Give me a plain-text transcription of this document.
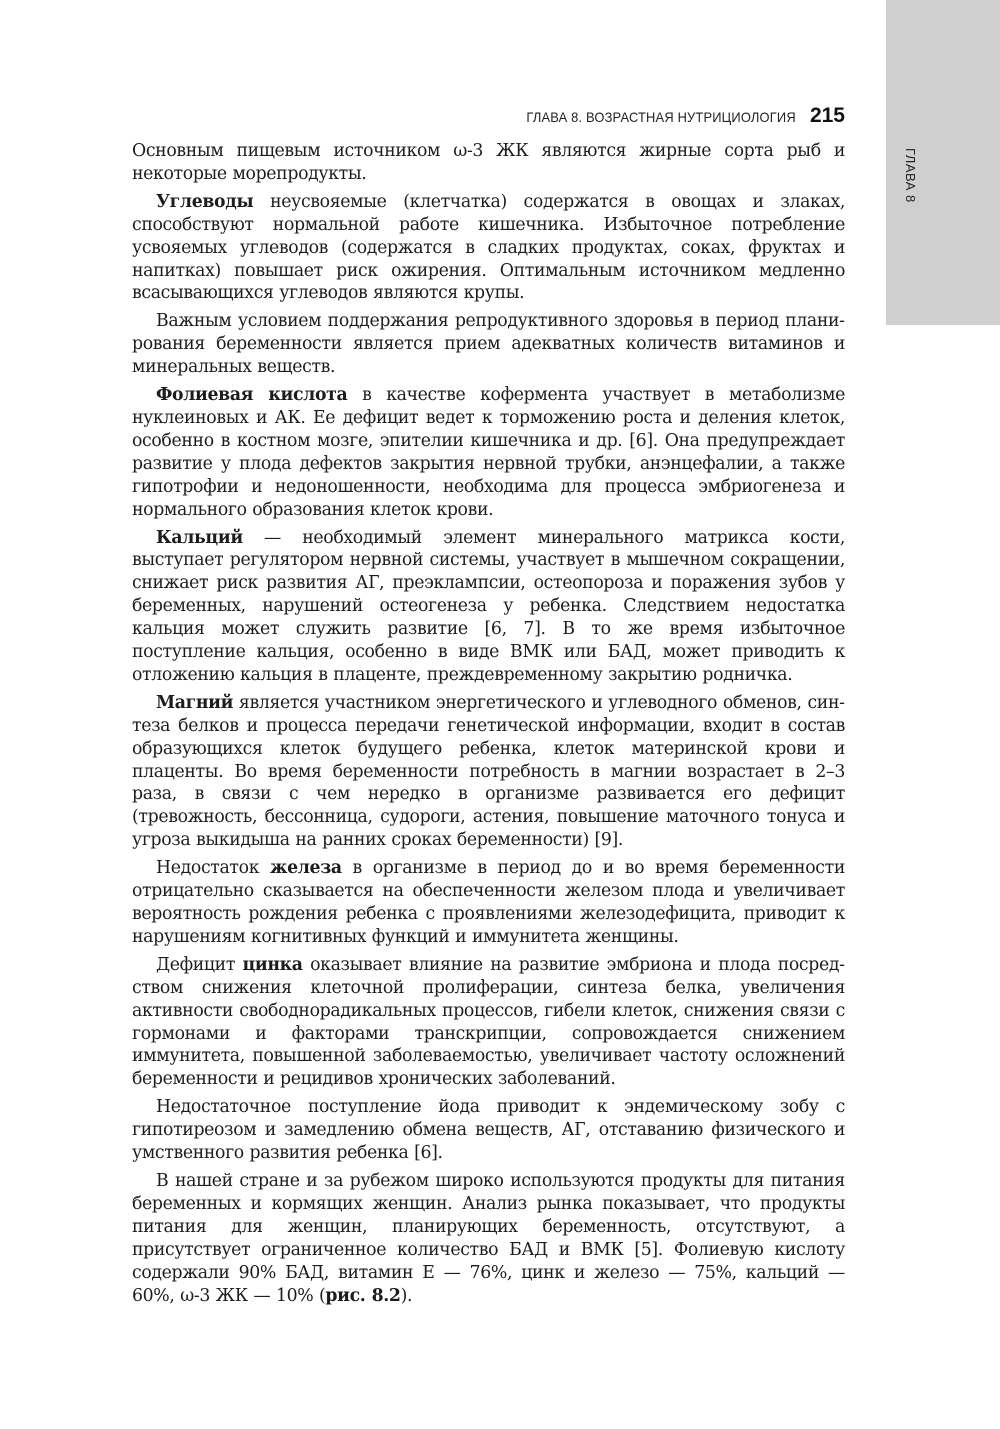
ГЛАВА 8
ГЛАВА 8. ВОЗРАСТНАЯ НУТРИЦИОЛОГИЯ 215

Основным пищевым источником ω-3 ЖК являются жирные сорта рыб и некоторые морепродукты.

Углеводы неусвояемые (клетчатка) содержатся в овощах и злаках, способствуют нормальной работе кишечника. Избыточное потребление усвояемых углеводов (содержатся в сладких продуктах, соках, фруктах и напитках) повышает риск ожирения. Оптимальным источником медленно всасывающихся углеводов являются крупы.

Важным условием поддержания репродуктивного здоровья в период планирования беременности является прием адекватных количеств витаминов и минеральных веществ.

Фолиевая кислота в качестве кофермента участвует в метаболизме нуклеиновых и АК. Ее дефицит ведет к торможению роста и деления клеток, особенно в костном мозге, эпителии кишечника и др. [6]. Она предупреждает развитие у плода дефектов закрытия нервной трубки, анэнцефалии, а также гипотрофии и недоношенности, необходима для процесса эмбриогенеза и нормального образования клеток крови.

Кальций — необходимый элемент минерального матрикса кости, выступает регулятором нервной системы, участвует в мышечном сокращении, снижает риск развития АГ, преэклампсии, остеопороза и поражения зубов у беременных, нарушений остеогенеза у ребенка. Следствием недостатка кальция может служить развитие [6, 7]. В то же время избыточное поступление кальция, особенно в виде ВМК или БАД, может приводить к отложению кальция в плаценте, преждевременному закрытию родничка.

Магний является участником энергетического и углеводного обменов, синтеза белков и процесса передачи генетической информации, входит в состав образующихся клеток будущего ребенка, клеток материнской крови и плаценты. Во время беременности потребность в магнии возрастает в 2–3 раза, в связи с чем нередко в организме развивается его дефицит (тревожность, бессонница, судороги, астения, повышение маточного тонуса и угроза выкидыша на ранних сроках беременности) [9].

Недостаток железа в организме в период до и во время беременности отрицательно сказывается на обеспеченности железом плода и увеличивает вероятность рождения ребенка с проявлениями железодефицита, приводит к нарушениям когнитивных функций и иммунитета женщины.

Дефицит цинка оказывает влияние на развитие эмбриона и плода посредством снижения клеточной пролиферации, синтеза белка, увеличения активности свободнорадикальных процессов, гибели клеток, снижения связи с гормонами и факторами транскрипции, сопровождается снижением иммунитета, повышенной заболеваемостью, увеличивает частоту осложнений беременности и рецидивов хронических заболеваний.

Недостаточное поступление йода приводит к эндемическому зобу с гипотиреозом и замедлению обмена веществ, АГ, отставанию физического и умственного развития ребенка [6].

В нашей стране и за рубежом широко используются продукты для питания беременных и кормящих женщин. Анализ рынка показывает, что продукты питания для женщин, планирующих беременность, отсутствуют, а присутствует ограниченное количество БАД и ВМК [5]. Фолиевую кислоту содержали 90% БАД, витамин Е — 76%, цинк и железо — 75%, кальций — 60%, ω-3 ЖК — 10% (рис. 8.2).
